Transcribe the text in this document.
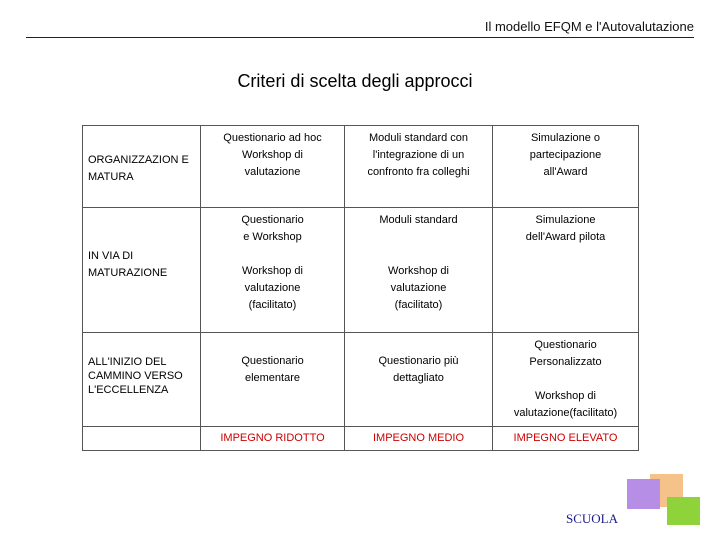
Il modello EFQM e l'Autovalutazione
Criteri di scelta degli approcci
ORGANIZZAZION E MATURA	Questionario ad hoc
Workshop di
valutazione	Moduli standard con
l'integrazione di un
confronto fra colleghi	Simulazione o
partecipazione
all'Award

IN VIA DI MATURAZIONE	Questionario
e Workshop

Workshop di
valutazione
(facilitato)	Moduli standard

Workshop di
valutazione
(facilitato)	Simulazione
dell'Award pilota

ALL'INIZIO DEL CAMMINO VERSO L'ECCELLENZA	Questionario
elementare	Questionario più
dettagliato	Questionario
Personalizzato

Workshop di
valutazione(facilitato)

	IMPEGNO RIDOTTO	IMPEGNO MEDIO	IMPEGNO ELEVATO
SCUOLA
